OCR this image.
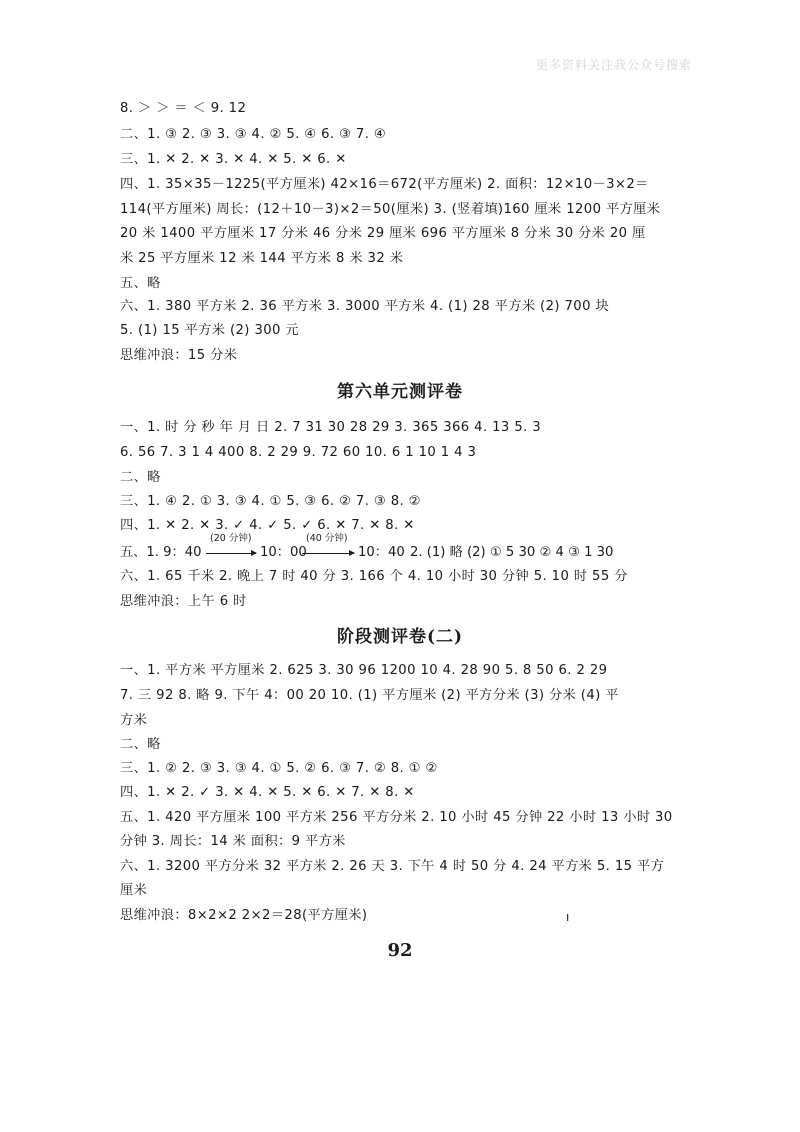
更多资料关注我公众号搜索
8. ＞ ＞ ＝ ＜ 9. 12
二、1. ③ 2. ③ 3. ③ 4. ② 5. ④ 6. ③ 7. ④
三、1. ✕ 2. ✕ 3. ✕ 4. ✕ 5. ✕ 6. ✕
四、1. 35×35－1225(平方厘米) 42×16＝672(平方厘米) 2. 面积：12×10－3×2＝
114(平方厘米) 周长：(12＋10－3)×2＝50(厘米) 3. (竖着填)160 厘米 1200 平方厘米
20 米 1400 平方厘米 17 分米 46 分米 29 厘米 696 平方厘米 8 分米 30 分米 20 厘
米 25 平方厘米 12 米 144 平方米 8 米 32 米
五、略
六、1. 380 平方米 2. 36 平方米 3. 3000 平方米 4. (1) 28 平方米 (2) 700 块
5. (1) 15 平方米 (2) 300 元
思维冲浪：15 分米
第六单元测评卷
一、1. 时 分 秒 年 月 日 2. 7 31 30 28 29 3. 365 366 4. 13 5. 3
6. 56 7. 3 1 4 400 8. 2 29 9. 72 60 10. 6 1 10 1 4 3
二、略
三、1. ④ 2. ① 3. ③ 4. ① 5. ③ 6. ② 7. ③ 8. ②
四、1. ✕ 2. ✕ 3. ✓ 4. ✓ 5. ✓ 6. ✕ 7. ✕ 8. ✕
五、1. 9：40
(20 分钟)
10：00
(40 分钟)
10：40 2. (1) 略 (2) ① 5 30 ② 4 ③ 1 30
六、1. 65 千米 2. 晚上 7 时 40 分 3. 166 个 4. 10 小时 30 分钟 5. 10 时 55 分
思维冲浪：上午 6 时
阶段测评卷(二)
一、1. 平方米 平方厘米 2. 625 3. 30 96 1200 10 4. 28 90 5. 8 50 6. 2 29
7. 三 92 8. 略 9. 下午 4：00 20 10. (1) 平方厘米 (2) 平方分米 (3) 分米 (4) 平
方米
二、略
三、1. ② 2. ③ 3. ③ 4. ① 5. ② 6. ③ 7. ② 8. ① ②
四、1. ✕ 2. ✓ 3. ✕ 4. ✕ 5. ✕ 6. ✕ 7. ✕ 8. ✕
五、1. 420 平方厘米 100 平方米 256 平方分米 2. 10 小时 45 分钟 22 小时 13 小时 30
分钟 3. 周长：14 米 面积：9 平方米
六、1. 3200 平方分米 32 平方米 2. 26 天 3. 下午 4 时 50 分 4. 24 平方米 5. 15 平方
厘米
思维冲浪：8×2×2 2×2＝28(平方厘米)	ı
92
